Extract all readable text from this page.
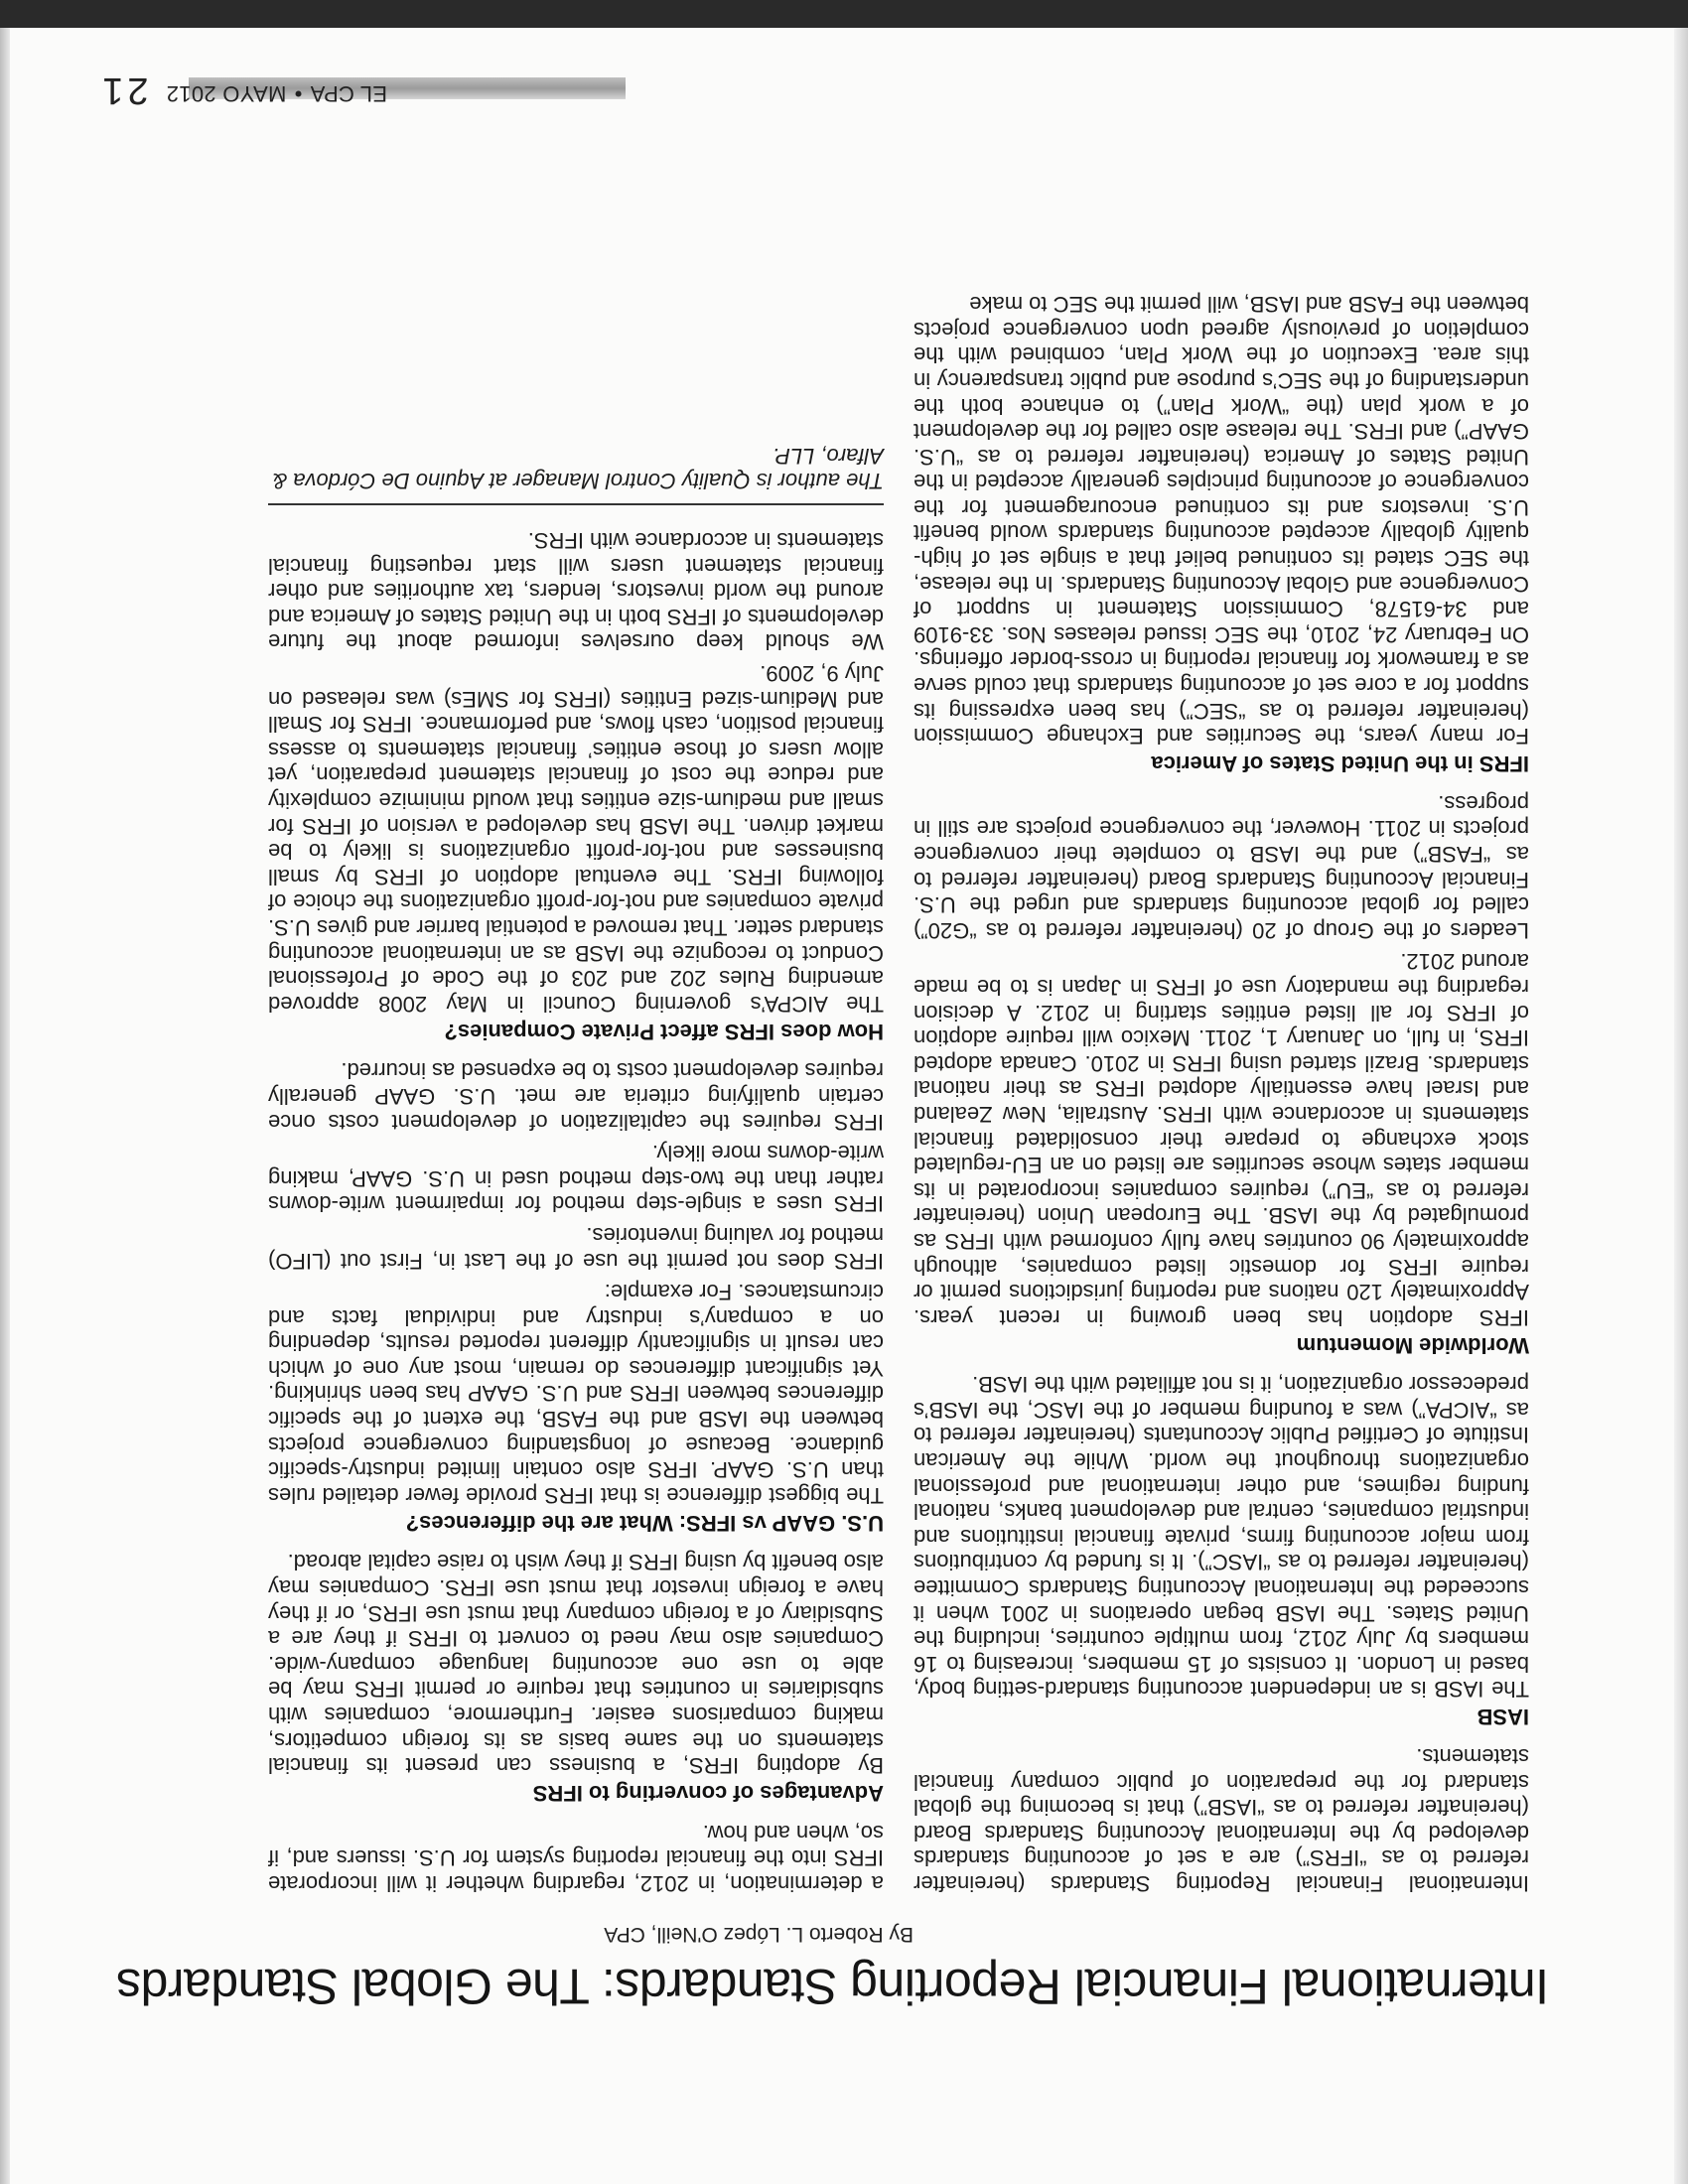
International Financial Reporting Standards: The Global Standards
By Roberto L. López O'Neill, CPA

International Financial Reporting Standards (hereinafter referred to as “IFRS”) are a set of accounting standards developed by the International Accounting Standards Board (hereinafter referred to as “IASB”) that is becoming the global standard for the preparation of public company financial statements.

IASB

The IASB is an independent accounting standard-setting body, based in London. It consists of 15 members, increasing to 16 members by July 2012, from multiple countries, including the United States. The IASB began operations in 2001 when it succeeded the International Accounting Standards Committee (hereinafter referred to as “IASC”). It is funded by contributions from major accounting firms, private financial institutions and industrial companies, central and development banks, national funding regimes, and other international and professional organizations throughout the world. While the American Institute of Certified Public Accountants (hereinafter referred to as “AICPA”) was a founding member of the IASC, the IASB’s predecessor organization, it is not affiliated with the IASB.

Worldwide Momentum

IFRS adoption has been growing in recent years. Approximately 120 nations and reporting jurisdictions permit or require IFRS for domestic listed companies, although approximately 90 countries have fully conformed with IFRS as promulgated by the IASB. The European Union (hereinafter referred to as “EU”) requires companies incorporated in its member states whose securities are listed on an EU-regulated stock exchange to prepare their consolidated financial statements in accordance with IFRS. Australia, New Zealand and Israel have essentially adopted IFRS as their national standards. Brazil started using IFRS in 2010. Canada adopted IFRS, in full, on January 1, 2011. Mexico will require adoption of IFRS for all listed entities starting in 2012. A decision regarding the mandatory use of IFRS in Japan is to be made around 2012.

Leaders of the Group of 20 (hereinafter referred to as “G20”) called for global accounting standards and urged the U.S. Financial Accounting Standards Board (hereinafter referred to as “FASB”) and the IASB to complete their convergence projects in 2011. However, the convergence projects are still in progress.

IFRS in the United States of America

For many years, the Securities and Exchange Commission (hereinafter referred to as “SEC”) has been expressing its support for a core set of accounting standards that could serve as a framework for financial reporting in cross-border offerings. On February 24, 2010, the SEC issued releases Nos. 33-9109 and 34-61578, Commission Statement in support of Convergence and Global Accounting Standards. In the release, the SEC stated its continued belief that a single set of high-quality globally accepted accounting standards would benefit U.S. investors and its continued encouragement for the convergence of accounting principles generally accepted in the United States of America (hereinafter referred to as “U.S. GAAP”) and IFRS. The release also called for the development of a work plan (the “Work Plan”) to enhance both the understanding of the SEC’s purpose and public transparency in this area. Execution of the Work Plan, combined with the completion of previously agreed upon convergence projects between the FASB and IASB, will permit the SEC to make

a determination, in 2012, regarding whether it will incorporate IFRS into the financial reporting system for U.S. issuers and, if so, when and how.

Advantages of converting to IFRS

By adopting IFRS, a business can present its financial statements on the same basis as its foreign competitors, making comparisons easier. Furthermore, companies with subsidiaries in countries that require or permit IFRS may be able to use one accounting language company-wide. Companies also may need to convert to IFRS if they are a Subsidiary of a foreign company that must use IFRS, or if they have a foreign investor that must use IFRS. Companies may also benefit by using IFRS if they wish to raise capital abroad.

U.S. GAAP vs IFRS: What are the differences?

The biggest difference is that IFRS provide fewer detailed rules than U.S. GAAP. IFRS also contain limited industry-specific guidance. Because of longstanding convergence projects between the IASB and the FASB, the extent of the specific differences between IFRS and U.S. GAAP has been shrinking. Yet significant differences do remain, most any one of which can result in significantly different reported results, depending on a company’s industry and individual facts and circumstances. For example:

IFRS does not permit the use of the Last in, First out (LIFO) method for valuing inventories.

IFRS uses a single-step method for impairment write-downs rather than the two-step method used in U.S. GAAP, making write-downs more likely.

IFRS requires the capitalization of development costs once certain qualifying criteria are met. U.S. GAAP generally requires development costs to be expensed as incurred.

How does IFRS affect Private Companies?

The AICPA’s governing Council in May 2008 approved amending Rules 202 and 203 of the Code of Professional Conduct to recognize the IASB as an international accounting standard setter. That removed a potential barrier and gives U.S. private companies and not-for-profit organizations the choice of following IFRS. The eventual adoption of IFRS by small businesses and not-for-profit organizations is likely to be market driven. The IASB has developed a version of IFRS for small and medium-size entities that would minimize complexity and reduce the cost of financial statement preparation, yet allow users of those entities’ financial statements to assess financial position, cash flows, and performance. IFRS for Small and Medium-sized Entities (IFRS for SMEs) was released on July 9, 2009.

We should keep ourselves informed about the future developments of IFRS both in the United States of America and around the world investors, lenders, tax authorities and other financial statement users will start requesting financial statements in accordance with IFRS.

The author is Quality Control Manager at Aquino De Córdova & Alfaro, LLP.

EL CPA•MAYO 201221
